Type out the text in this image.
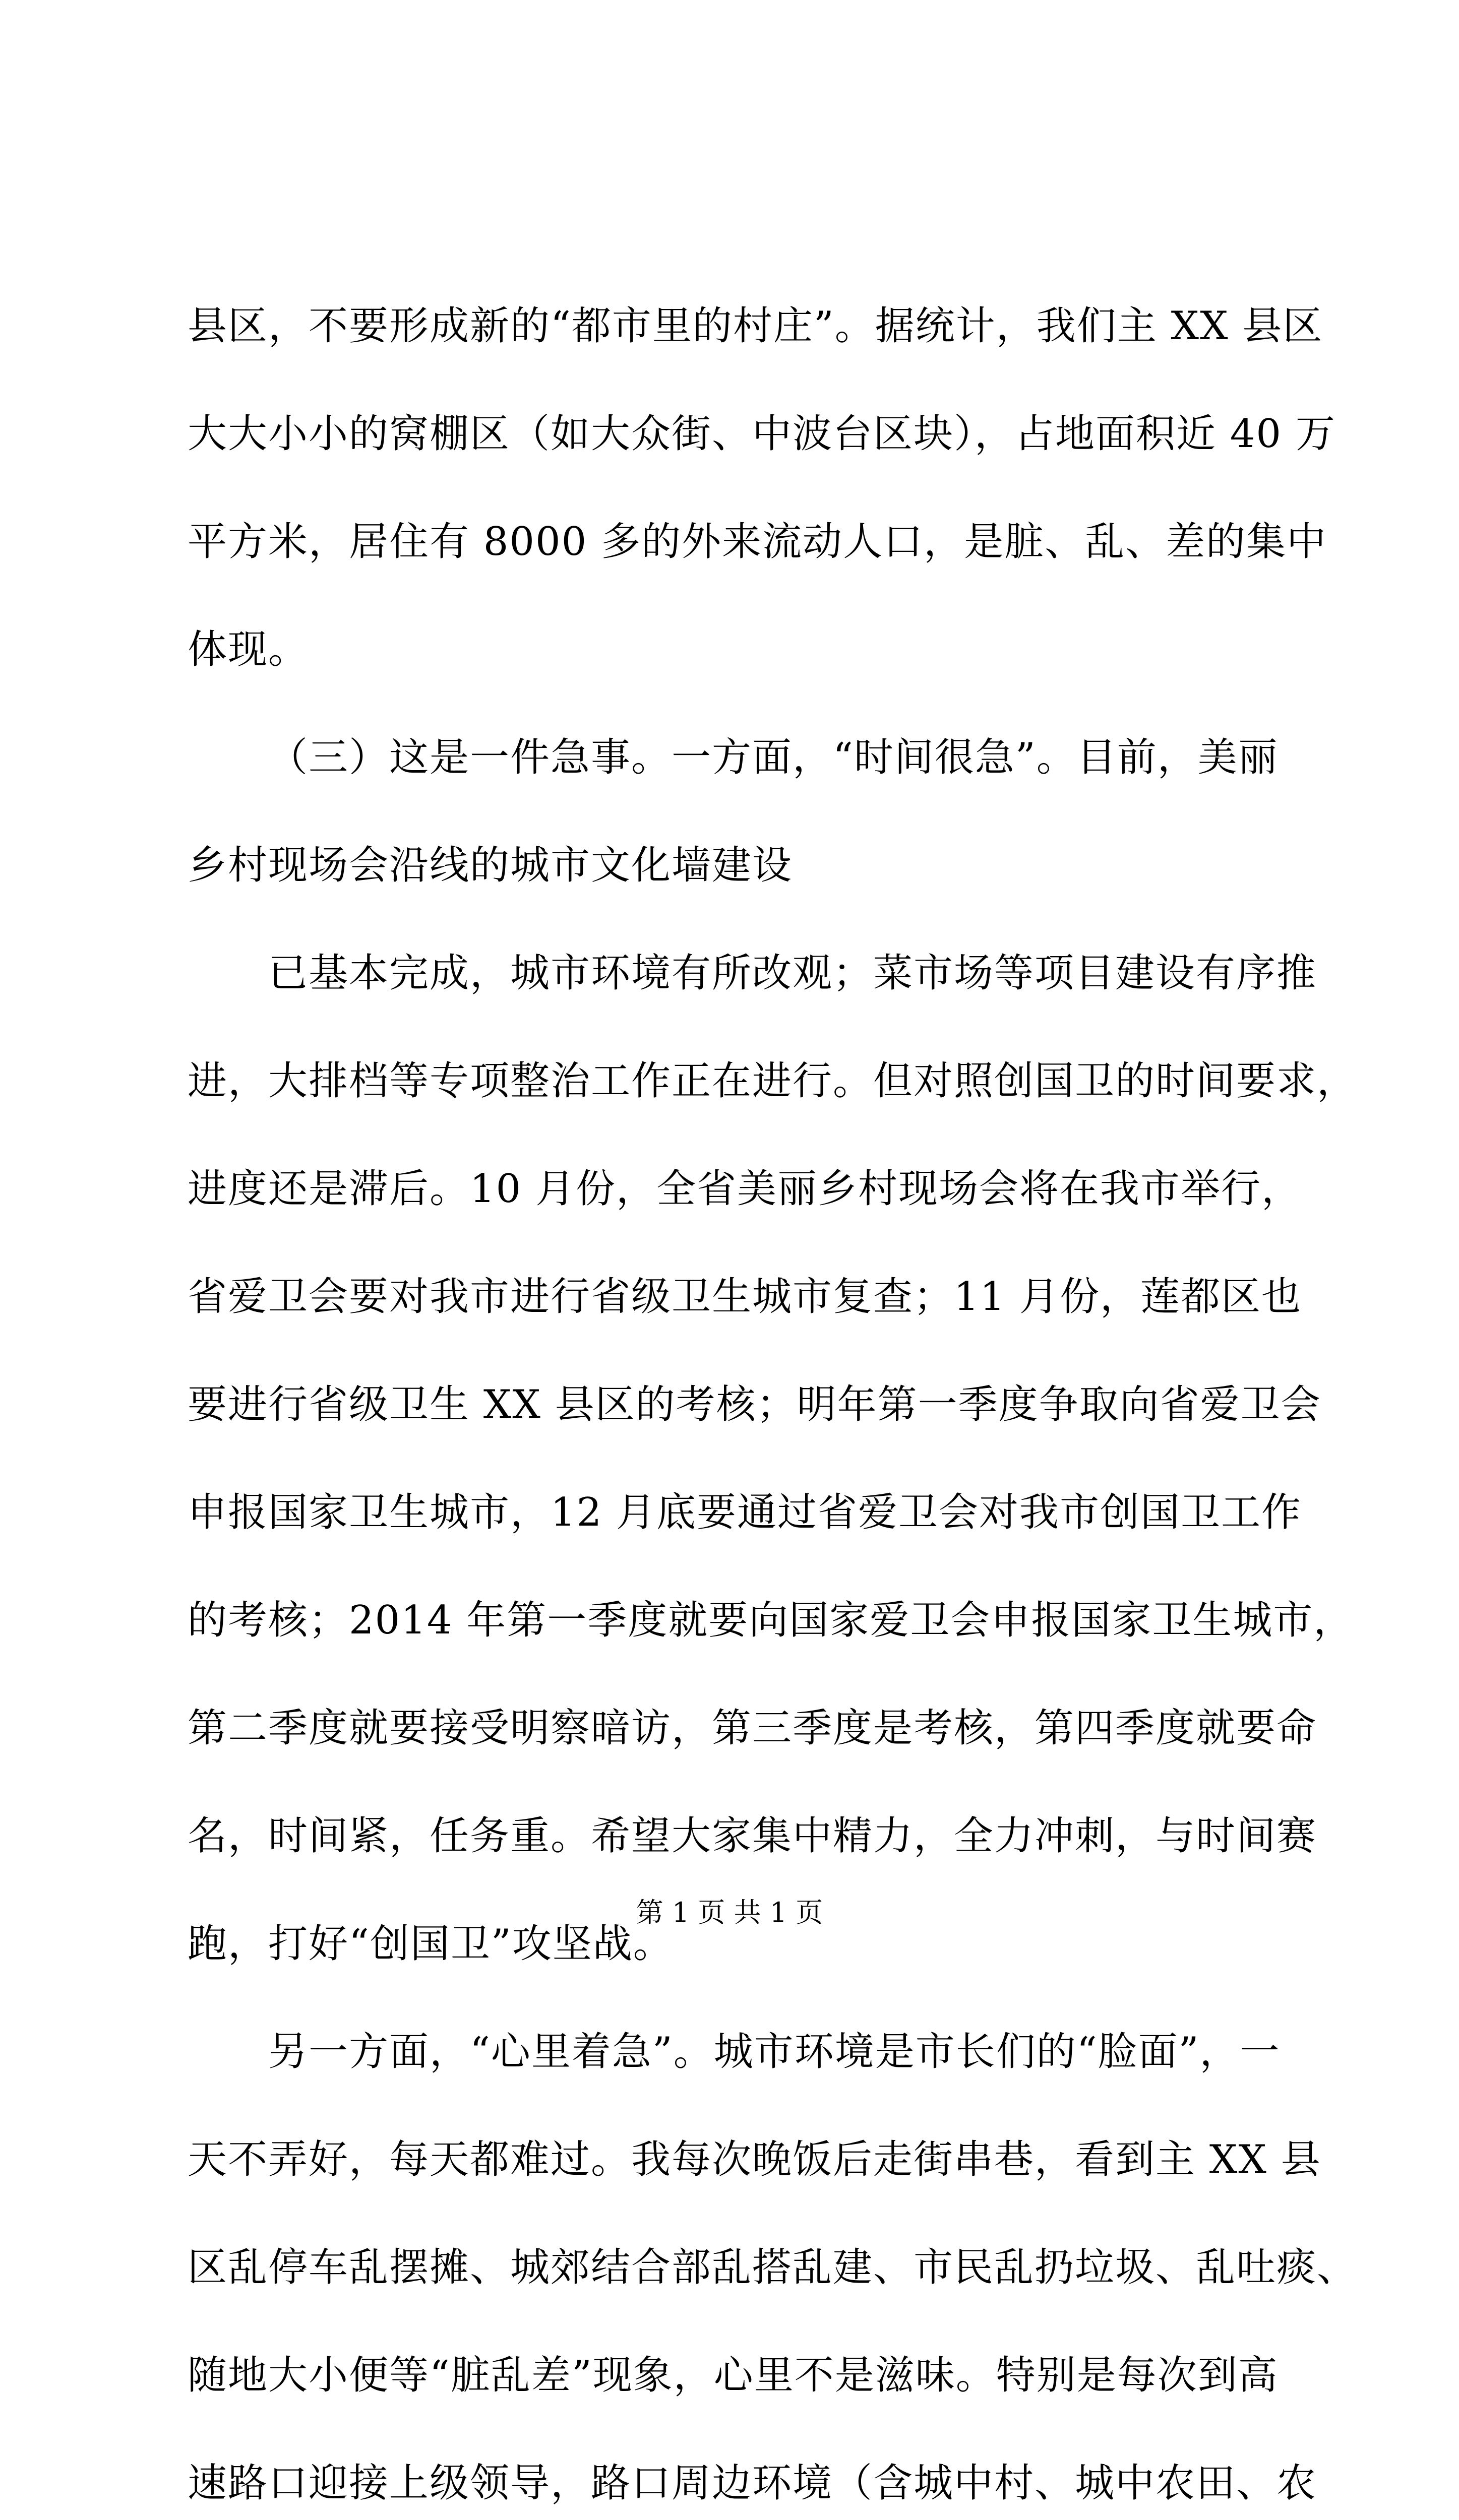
县区，不要形成新的“都市里的村庄”。据统计，我们主 XX 县区
大大小小的窝棚区（如大众街、中波台区块），占地面积近 40 万
平方米，居住有 8000 多的外来流动人口，是脏、乱、差的集中
体现。
（三）这是一件急事。一方面，“时间很急”。目前，美丽
乡村现场会沿线的城市文化墙建设
已基本完成，城市环境有所改观；菜市场等项目建设有序推
进，大排档等专项整治工作正在进行。但对照创国卫的时间要求，
进度还是滞后。10 月份，全省美丽乡村现场会将在我市举行，
省爱卫会要对我市进行省级卫生城市复查；11 月份，莲都区也
要进行省级卫生 XX 县区的考核；明年第一季度争取向省爱卫会
申报国家卫生城市，12 月底要通过省爱卫会对我市创国卫工作
的考核；2014 年第一季度就要向国家爱卫会申报国家卫生城市，
第二季度就要接受明察暗访，第三季度是考核，第四季度就要命
名，时间紧，任务重。希望大家集中精力，全力冲刺，与时间赛
跑，打好“创国卫”攻坚战。
另一方面，“心里着急”。城市环境是市长们的“脸面”，一
天不弄好，每天都难过。我每次晚饭后走街串巷，看到主 XX 县
区乱停车乱摆摊、城郊结合部乱搭乱建、市民乱扔垃圾、乱吐痰、
随地大小便等“脏乱差”现象，心里不是滋味。特别是每次到高
速路口迎接上级领导，路口周边环境（含城中村、城中农田、农
第 1 页 共 1 页
